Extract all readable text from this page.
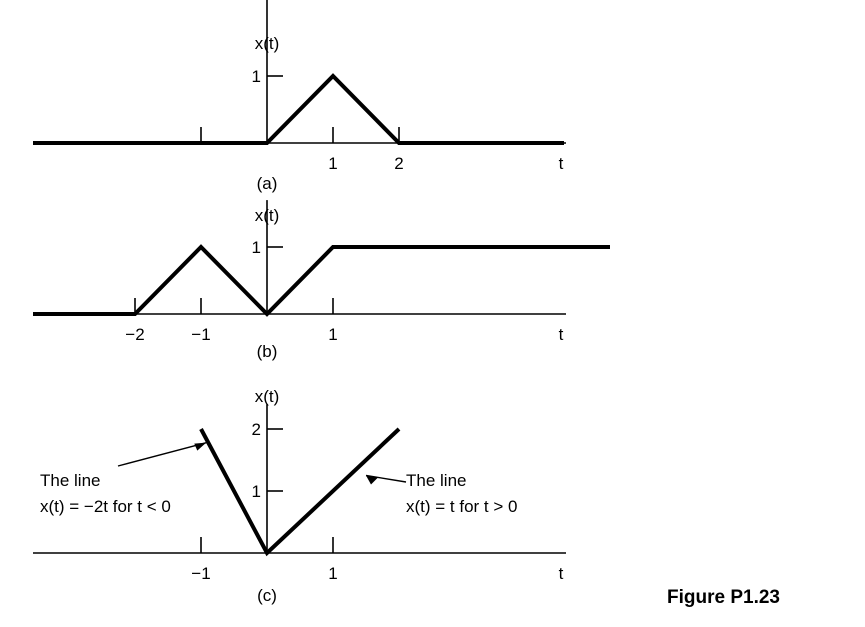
1	2
1
x(t)
t
(a)
−2	−1	1
1
x(t)
t
(b)
−1	1
1
2
x(t)
t
(c)
The line
x(t) = −2t for t < 0
The line
x(t) = t for t > 0
Figure P1.23
